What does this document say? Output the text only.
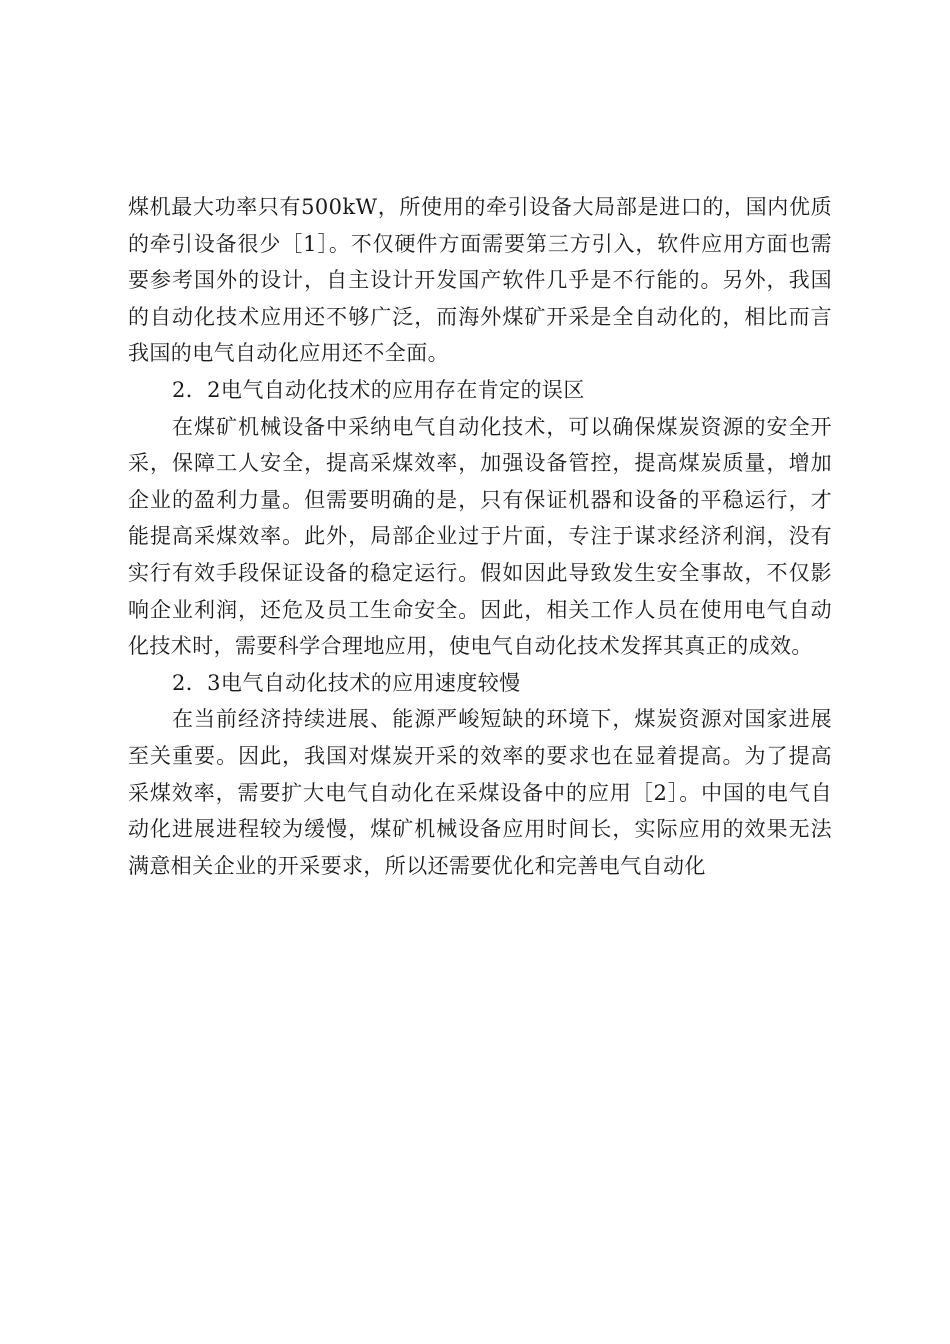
煤机最大功率只有500kW，所使用的牵引设备大局部是进口的，国内优质的牵引设备很少［1］。不仅硬件方面需要第三方引入，软件应用方面也需要参考国外的设计，自主设计开发国产软件几乎是不行能的。另外，我国的自动化技术应用还不够广泛，而海外煤矿开采是全自动化的，相比而言我国的电气自动化应用还不全面。

2．2电气自动化技术的应用存在肯定的误区

在煤矿机械设备中采纳电气自动化技术，可以确保煤炭资源的安全开采，保障工人安全，提高采煤效率，加强设备管控，提高煤炭质量，增加企业的盈利力量。但需要明确的是，只有保证机器和设备的平稳运行，才能提高采煤效率。此外，局部企业过于片面，专注于谋求经济利润，没有实行有效手段保证设备的稳定运行。假如因此导致发生安全事故，不仅影响企业利润，还危及员工生命安全。因此，相关工作人员在使用电气自动化技术时，需要科学合理地应用，使电气自动化技术发挥其真正的成效。

2．3电气自动化技术的应用速度较慢

在当前经济持续进展、能源严峻短缺的环境下，煤炭资源对国家进展至关重要。因此，我国对煤炭开采的效率的要求也在显着提高。为了提高采煤效率，需要扩大电气自动化在采煤设备中的应用［2］。中国的电气自动化进展进程较为缓慢，煤矿机械设备应用时间长，实际应用的效果无法满意相关企业的开采要求，所以还需要优化和完善电气自动化
